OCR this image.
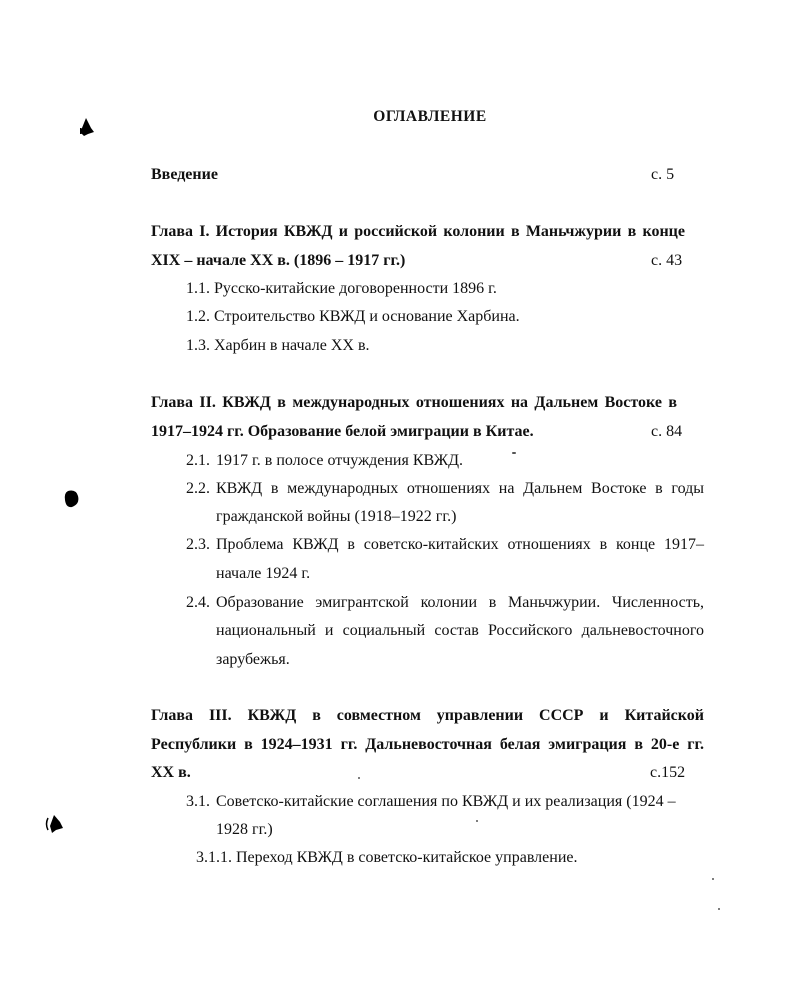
ОГЛАВЛЕНИЕ
Введение	с. 5
Глава I. История КВЖД и российской колонии в Маньчжурии в конце
XIX – начале XX в. (1896 – 1917 гг.)	с. 43
1.1. Русско-китайские договоренности 1896 г.
1.2. Строительство КВЖД и основание Харбина.
1.3. Харбин в начале XX в.
Глава II. КВЖД в международных отношениях на Дальнем Востоке в
1917–1924 гг. Образование белой эмиграции в Китае.	с. 84
2.1. 1917 г. в полосе отчуждения КВЖД.
2.2. КВЖД в международных отношениях на Дальнем Востоке в годы
гражданской войны (1918–1922 гг.)
2.3. Проблема КВЖД в советско-китайских отношениях в конце 1917–
начале 1924 г.
2.4. Образование эмигрантской колонии в Маньчжурии. Численность,
национальный и социальный состав Российского дальневосточного
зарубежья.
Глава III. КВЖД в совместном управлении СССР и Китайской
Республики в 1924–1931 гг. Дальневосточная белая эмиграция в 20-е гг.
XX в.	с.152
3.1. Советско-китайские соглашения по КВЖД и их реализация (1924 –
1928 гг.)
3.1.1. Переход КВЖД в советско-китайское управление.
